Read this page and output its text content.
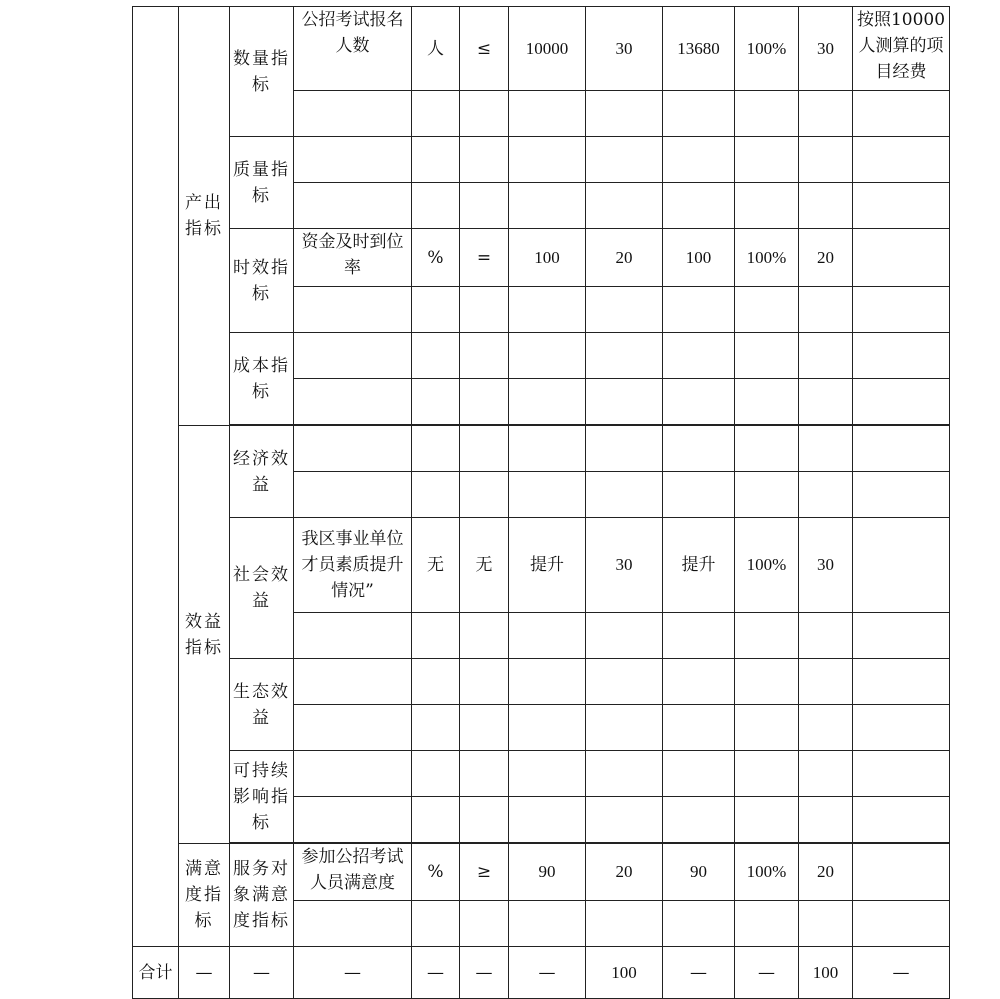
	产出指标	数量指标	公招考试报名人数	人	≤	10000	30	13680	100%	30	按照10000人测算的项目经费

		质量指标									

		时效指标	资金及时到位率	%	=	100	20	100	100%	20	

		成本指标									

	效益指标	经济效益									

		社会效益	我区事业单位才员素质提升情况”	无	无	提升	30	提升	100%	30	

		生态效益									

		可持续影响指标									

	满意度指标	服务对象满意度指标	参加公招考试人员满意度	%	≥	90	20	90	100%	20	

合计	—	—	—	—	—	—	100	—	—	100	—
